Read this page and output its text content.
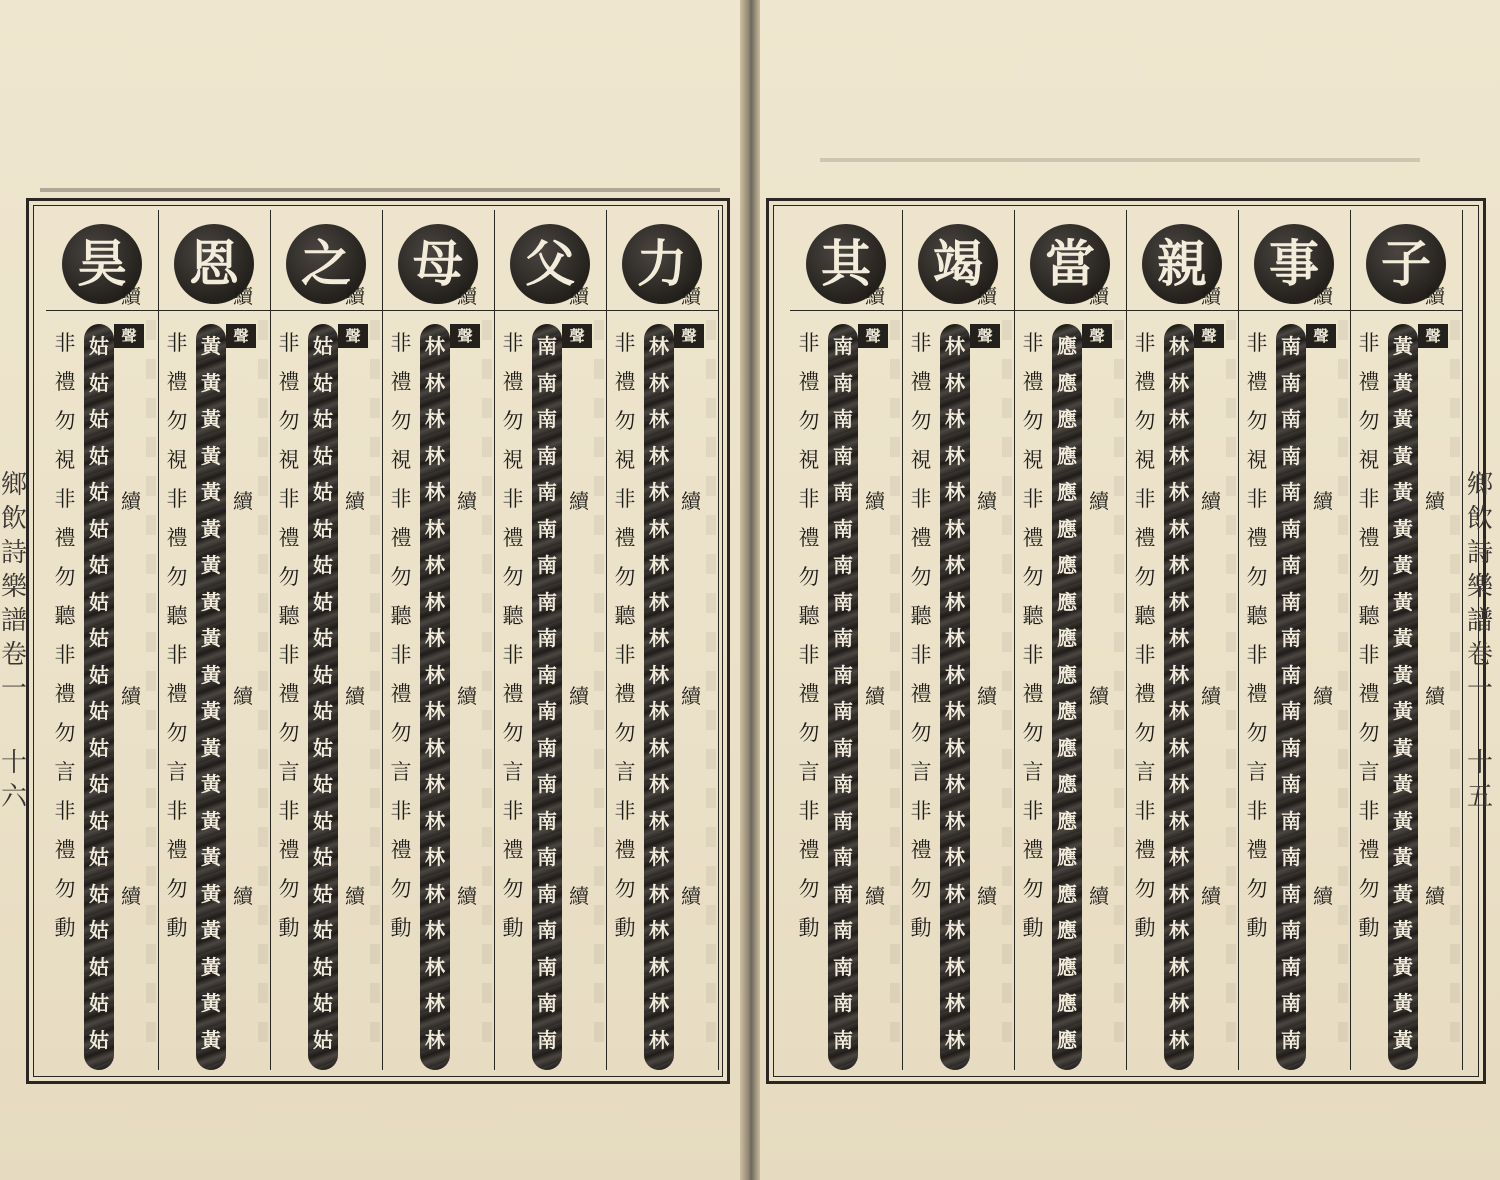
鄉
飲
詩
樂
譜
卷
一
十六
鄉
飲
詩
樂
譜
卷
一
十五
力
非
禮
勿
視
非
禮
勿
聽
非
禮
勿
言
非
禮
勿
動
林
林
林
林
林
林
林
林
林
林
林
林
林
林
林
林
林
林
林
林
聲
續
續
續
續
父
非
禮
勿
視
非
禮
勿
聽
非
禮
勿
言
非
禮
勿
動
南
南
南
南
南
南
南
南
南
南
南
南
南
南
南
南
南
南
南
南
聲
續
續
續
續
母
非
禮
勿
視
非
禮
勿
聽
非
禮
勿
言
非
禮
勿
動
林
林
林
林
林
林
林
林
林
林
林
林
林
林
林
林
林
林
林
林
聲
續
續
續
續
之
非
禮
勿
視
非
禮
勿
聽
非
禮
勿
言
非
禮
勿
動
姑
姑
姑
姑
姑
姑
姑
姑
姑
姑
姑
姑
姑
姑
姑
姑
姑
姑
姑
姑
聲
續
續
續
續
恩
非
禮
勿
視
非
禮
勿
聽
非
禮
勿
言
非
禮
勿
動
黃
黃
黃
黃
黃
黃
黃
黃
黃
黃
黃
黃
黃
黃
黃
黃
黃
黃
黃
黃
聲
續
續
續
續
昊
非
禮
勿
視
非
禮
勿
聽
非
禮
勿
言
非
禮
勿
動
姑
姑
姑
姑
姑
姑
姑
姑
姑
姑
姑
姑
姑
姑
姑
姑
姑
姑
姑
姑
聲
續
續
續
續
子
非
禮
勿
視
非
禮
勿
聽
非
禮
勿
言
非
禮
勿
動
黃
黃
黃
黃
黃
黃
黃
黃
黃
黃
黃
黃
黃
黃
黃
黃
黃
黃
黃
黃
聲
續
續
續
續
事
非
禮
勿
視
非
禮
勿
聽
非
禮
勿
言
非
禮
勿
動
南
南
南
南
南
南
南
南
南
南
南
南
南
南
南
南
南
南
南
南
聲
續
續
續
續
親
非
禮
勿
視
非
禮
勿
聽
非
禮
勿
言
非
禮
勿
動
林
林
林
林
林
林
林
林
林
林
林
林
林
林
林
林
林
林
林
林
聲
續
續
續
續
當
非
禮
勿
視
非
禮
勿
聽
非
禮
勿
言
非
禮
勿
動
應
應
應
應
應
應
應
應
應
應
應
應
應
應
應
應
應
應
應
應
聲
續
續
續
續
竭
非
禮
勿
視
非
禮
勿
聽
非
禮
勿
言
非
禮
勿
動
林
林
林
林
林
林
林
林
林
林
林
林
林
林
林
林
林
林
林
林
聲
續
續
續
續
其
非
禮
勿
視
非
禮
勿
聽
非
禮
勿
言
非
禮
勿
動
南
南
南
南
南
南
南
南
南
南
南
南
南
南
南
南
南
南
南
南
聲
續
續
續
續
